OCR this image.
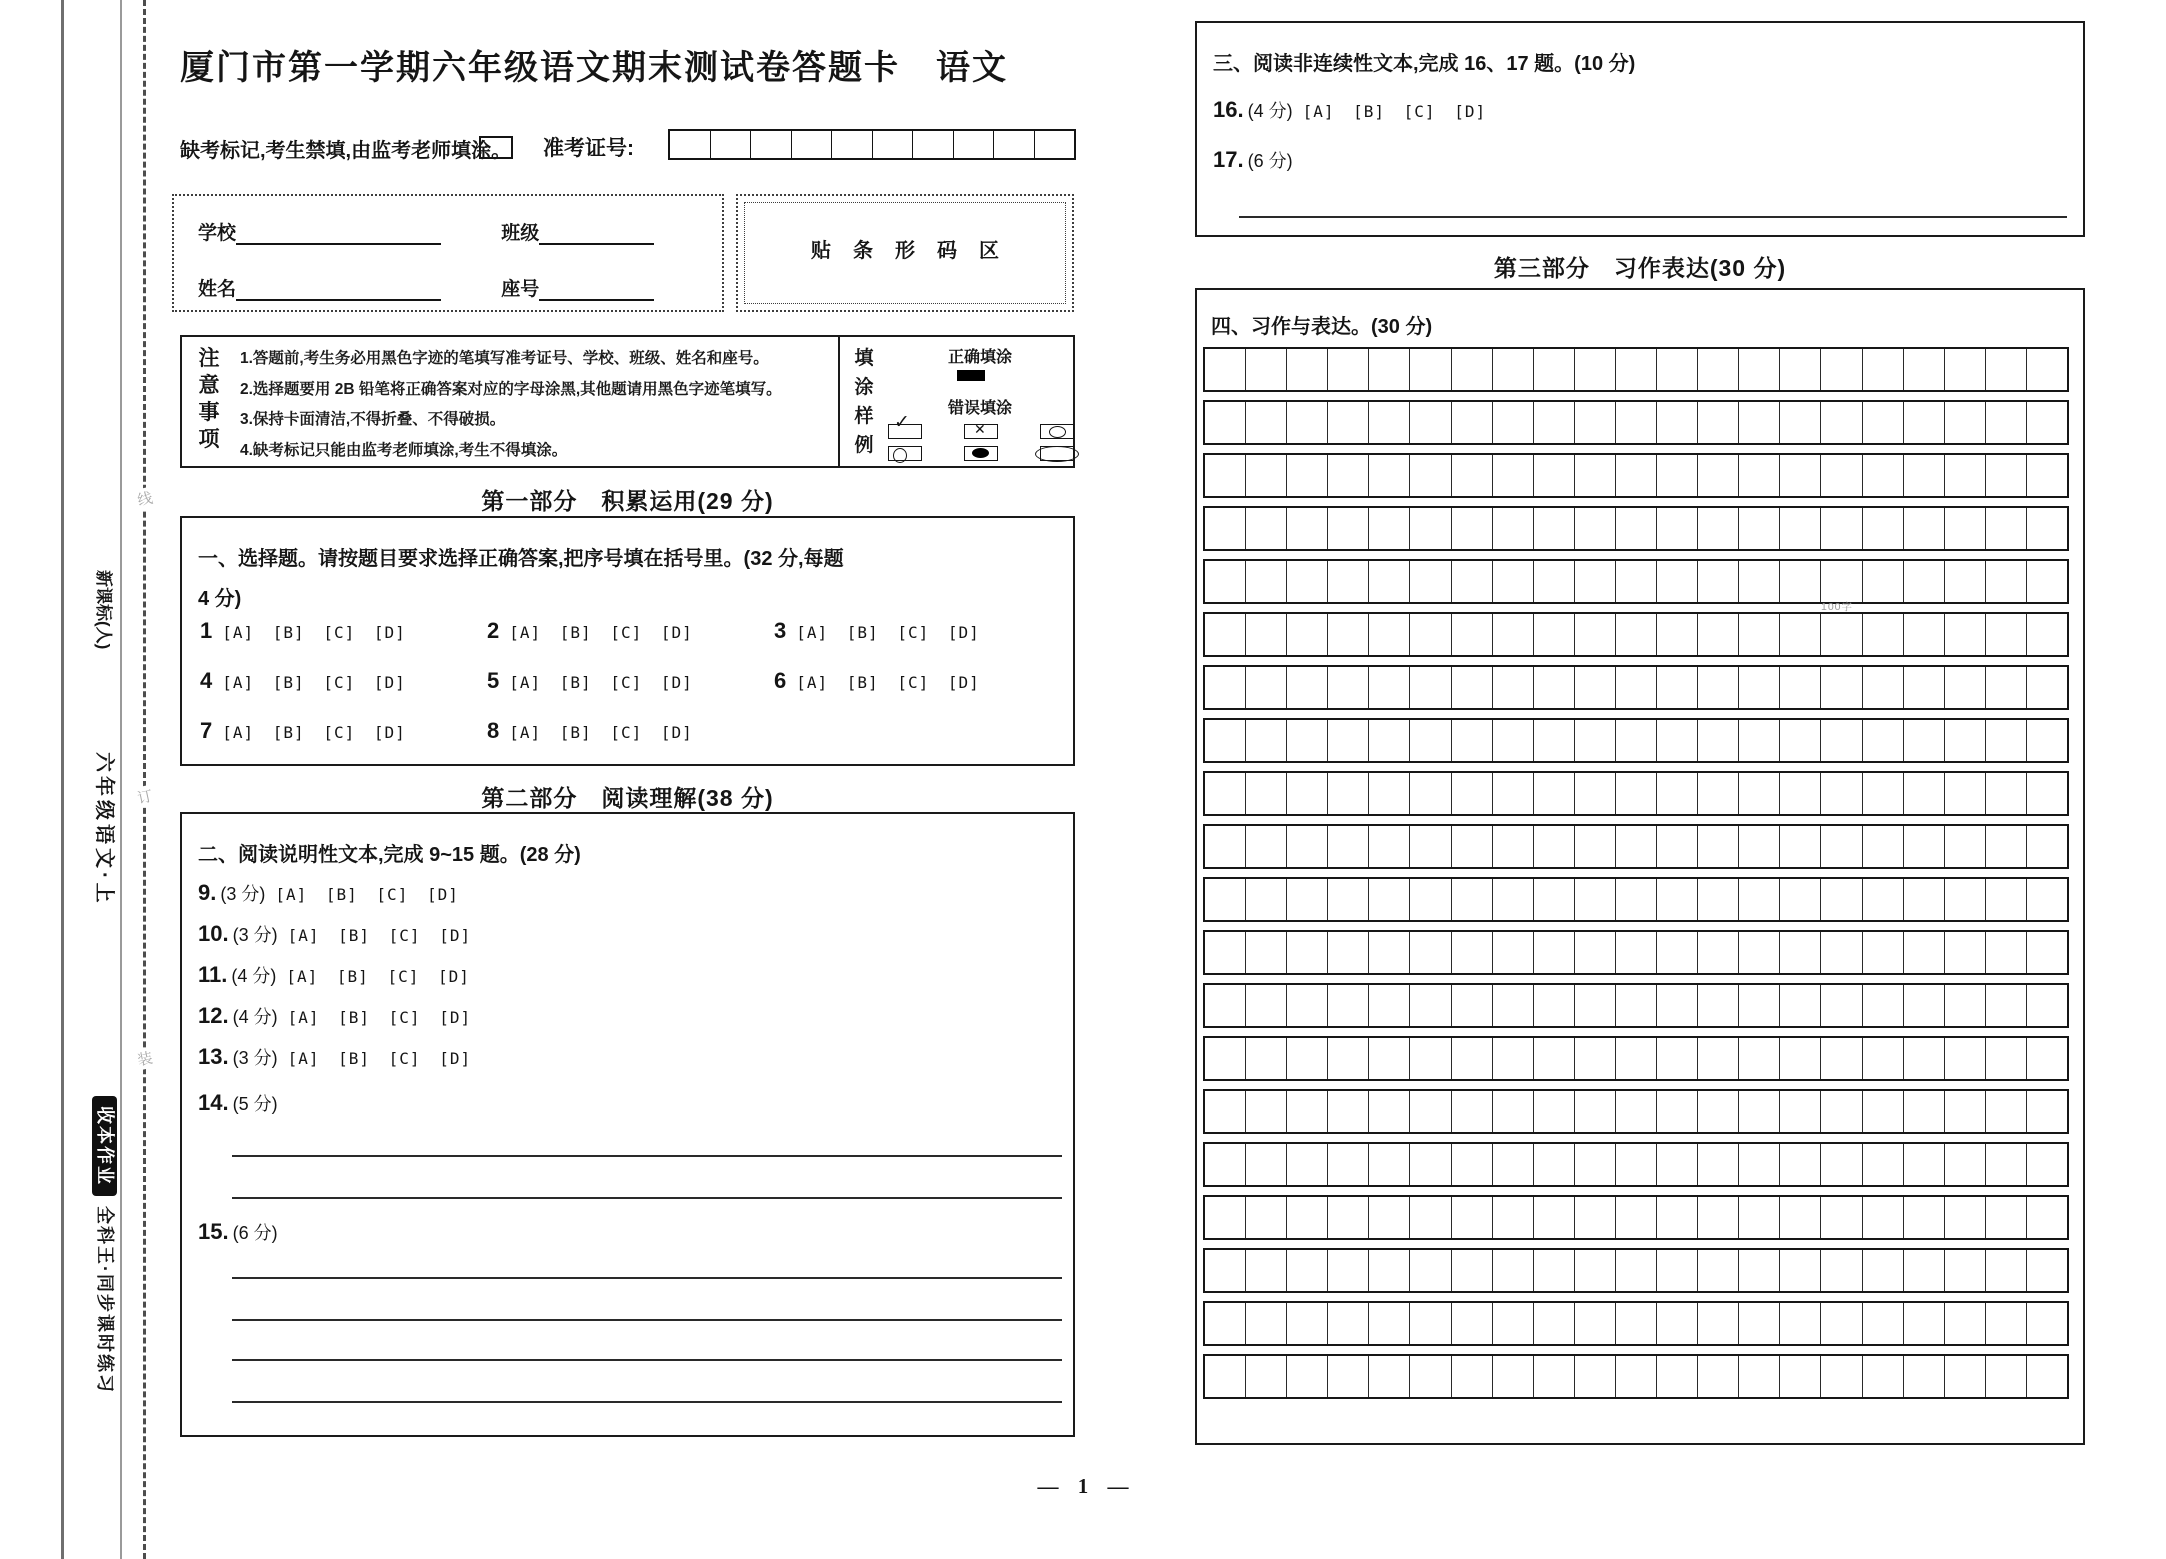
线
订
装
新课标(人)
六年级语文·上
收本作业全科王·同步课时练习
厦门市第一学期六年级语文期末测试卷答题卡　语文
缺考标记,考生禁填,由监考老师填涂。 准考证号:
学校	班级
姓名	座号
贴条形码区
注
意
事
项
1.答题前,考生务必用黑色字迹的笔填写准考证号、学校、班级、姓名和座号。
2.选择题要用 2B 铅笔将正确答案对应的字母涂黑,其他题请用黑色字迹笔填写。
3.保持卡面清洁,不得折叠、不得破损。
4.缺考标记只能由监考老师填涂,考生不得填涂。
填
涂
样
例
正确填涂
错误填涂
✓	✕
第一部分　积累运用(29 分)
一、选择题。请按题目要求选择正确答案,把序号填在括号里。(32 分,每题
4 分)
1 [A] [B] [C] [D]	2 [A] [B] [C] [D]	3 [A] [B] [C] [D]
4 [A] [B] [C] [D]	5 [A] [B] [C] [D]	6 [A] [B] [C] [D]
7 [A] [B] [C] [D]	8 [A] [B] [C] [D]
第二部分　阅读理解(38 分)
二、阅读说明性文本,完成 9~15 题。(28 分)
9. (3 分) [A] [B] [C] [D]
10. (3 分) [A] [B] [C] [D]
11. (4 分) [A] [B] [C] [D]
12. (4 分) [A] [B] [C] [D]
13. (3 分) [A] [B] [C] [D]
14. (5 分)
15. (6 分)
三、阅读非连续性文本,完成 16、17 题。(10 分)
16. (4 分) [A] [B] [C] [D]
17. (6 分)
第三部分　习作表达(30 分)
四、习作与表达。(30 分)
100字
— 1 —
